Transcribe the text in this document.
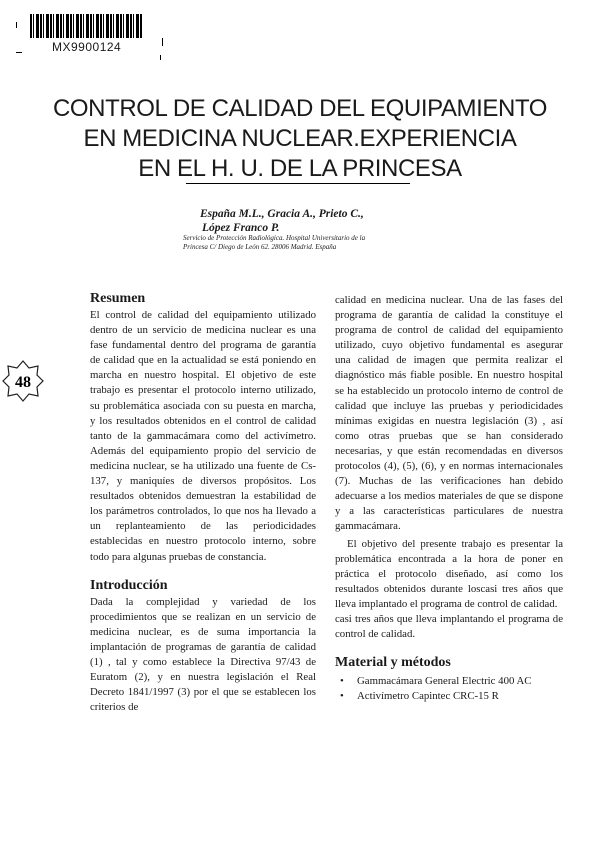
MX9900124
CONTROL DE CALIDAD DEL EQUIPAMIENTO
EN MEDICINA NUCLEAR.EXPERIENCIA
EN EL H. U. DE LA PRINCESA
España M.L., Gracia A., Prieto C.,
López Franco P.
Servicio de Protección Radiológica. Hospital Universitario de la Princesa C/ Diego de León 62. 28006 Madrid. España
48
Resumen

El control de calidad del equipamiento utilizado dentro de un servicio de medicina nuclear es una fase fundamental dentro del programa de garantía de calidad que en la actualidad se está poniendo en marcha en nuestro hospital. El objetivo de este trabajo es presentar el protocolo interno utilizado, su problemática asociada con su puesta en marcha, y los resultados obtenidos en el control de calidad tanto de la gammacámara como del activímetro. Además del equipamiento propio del servicio de medicina nuclear, se ha utilizado una fuente de Cs-137, y maniquíes de diversos propósitos. Los resultados obtenidos demuestran la estabilidad de los parámetros controlados, lo que nos ha llevado a un replanteamiento de las periodicidades establecidas en nuestro protocolo interno, sobre todo para algunas pruebas de constancia.

Introducción

Dada la complejidad y variedad de los procedimientos que se realizan en un servicio de medicina nuclear, es de suma importancia la implantación de programas de garantía de calidad (1) , tal y como establece la Directiva 97/43 de Euratom (2), y en nuestra legislación el Real Decreto 1841/1997 (3) por el que se establecen los criterios de

calidad en medicina nuclear. Una de las fases del programa de garantía de calidad la constituye el programa de control de calidad del equipamiento utilizado, cuyo objetivo fundamental es asegurar una calidad de imagen que permita realizar el diagnóstico más fiable posible. En nuestro hospital se ha establecido un protocolo interno de control de calidad que incluye las pruebas y periodicidades mínimas exigidas en nuestra legislación (3) , así como otras pruebas que se han considerado necesarias, y que están recomendadas en diversos protocolos (4), (5), (6), y en normas internacionales (7). Muchas de las verificaciones han debido adecuarse a los medios materiales de que se dispone y a las características particulares de nuestra gammacámara.

El objetivo del presente trabajo es presentar la problemática encontrada a la hora de poner en práctica el protocolo diseñado, así como los resultados obtenidos durante loscasi tres años que lleva implantado el programa de control de calidad.

casi tres años que lleva implantando el programa de control de calidad.

Material y métodos
• Gammacámara General Electric 400 AC
• Activímetro Capintec CRC-15 R
